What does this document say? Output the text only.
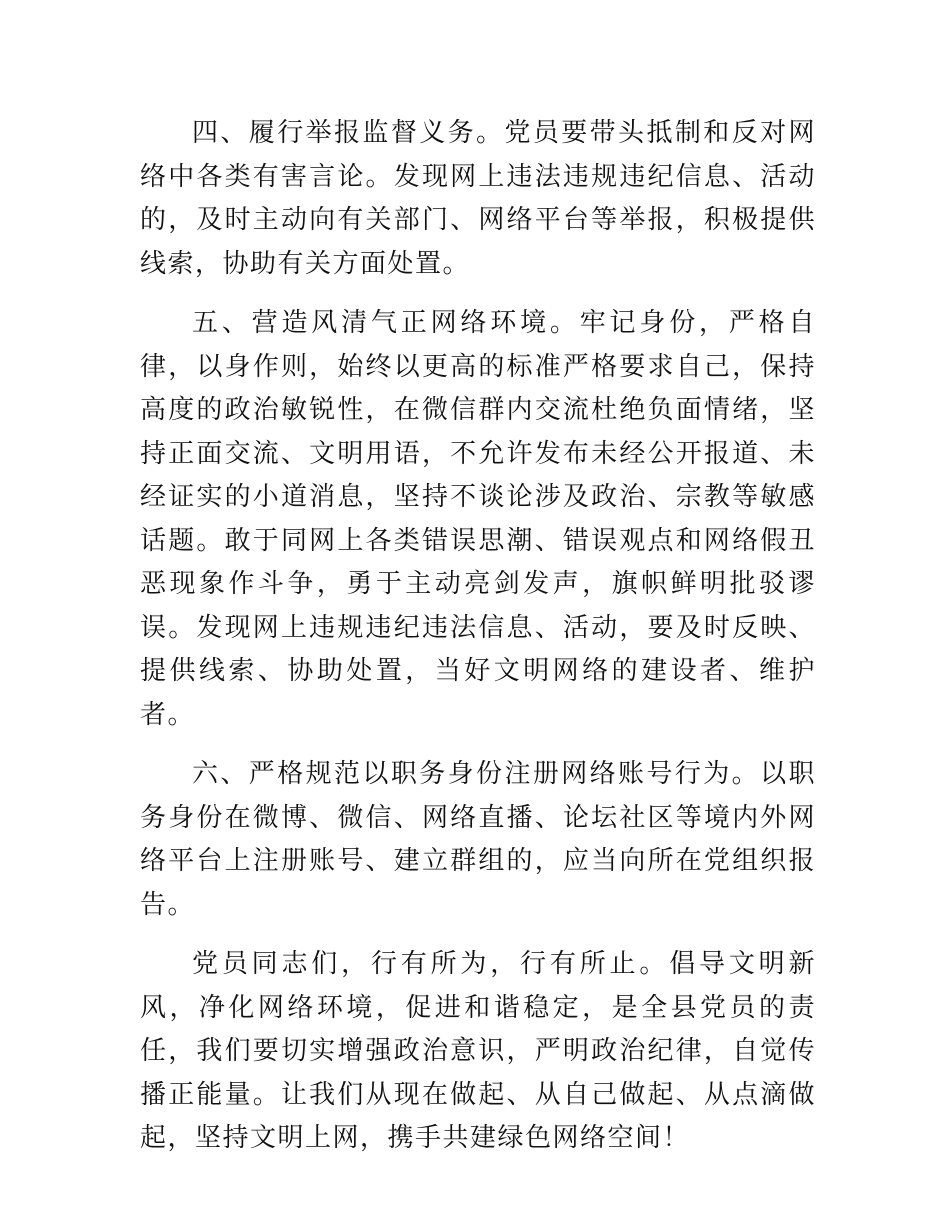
四、履行举报监督义务。党员要带头抵制和反对网络中各类有害言论。发现网上违法违规违纪信息、活动的，及时主动向有关部门、网络平台等举报，积极提供线索，协助有关方面处置。

五、营造风清气正网络环境。牢记身份，严格自律，以身作则，始终以更高的标准严格要求自己，保持高度的政治敏锐性，在微信群内交流杜绝负面情绪，坚持正面交流、文明用语，不允许发布未经公开报道、未经证实的小道消息，坚持不谈论涉及政治、宗教等敏感话题。敢于同网上各类错误思潮、错误观点和网络假丑恶现象作斗争，勇于主动亮剑发声，旗帜鲜明批驳谬误。发现网上违规违纪违法信息、活动，要及时反映、提供线索、协助处置，当好文明网络的建设者、维护者。

六、严格规范以职务身份注册网络账号行为。以职务身份在微博、微信、网络直播、论坛社区等境内外网络平台上注册账号、建立群组的，应当向所在党组织报告。

党员同志们，行有所为，行有所止。倡导文明新风，净化网络环境，促进和谐稳定，是全县党员的责任，我们要切实增强政治意识，严明政治纪律，自觉传播正能量。让我们从现在做起、从自己做起、从点滴做起，坚持文明上网，携手共建绿色网络空间！
